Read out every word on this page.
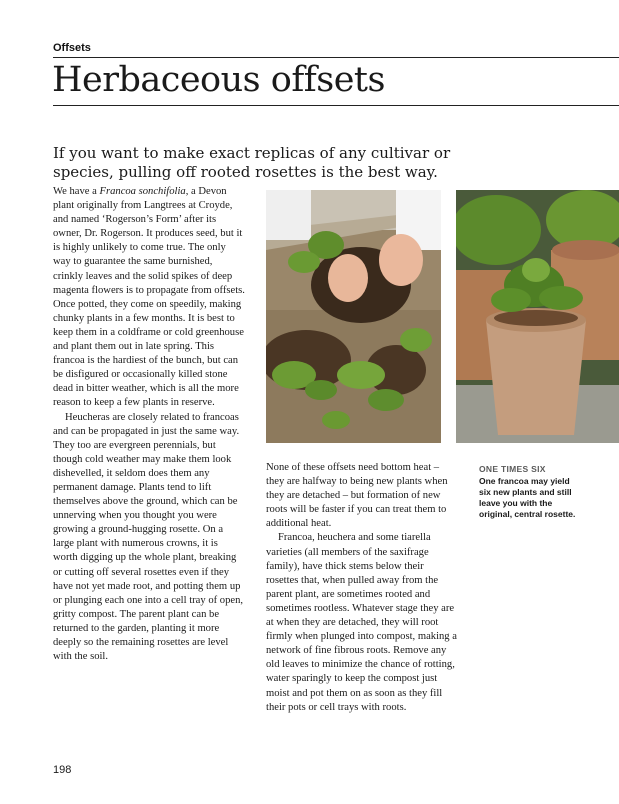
Offsets
Herbaceous offsets

If you want to make exact replicas of any cultivar or species, pulling off rooted rosettes is the best way.

We have a Francoa sonchifolia, a Devon plant originally from Langtrees at Croyde, and named ‘Rogerson’s Form’ after its owner, Dr. Rogerson. It produces seed, but it is highly unlikely to come true. The only way to guarantee the same burnished, crinkly leaves and the solid spikes of deep magenta flowers is to propagate from offsets. Once potted, they come on speedily, making chunky plants in a few months. It is best to keep them in a coldframe or cold greenhouse and plant them out in late spring. This francoa is the hardiest of the bunch, but can be disfigured or occasionally killed stone dead in bitter weather, which is all the more reason to keep a few plants in reserve.

Heucheras are closely related to francoas and can be propagated in just the same way. They too are evergreen perennials, but though cold weather may make them look dishevelled, it seldom does them any permanent damage. Plants tend to lift themselves above the ground, which can be unnerving when you thought you were growing a ground-hugging rosette. On a large plant with numerous crowns, it is worth digging up the whole plant, breaking or cutting off several rosettes even if they have not yet made root, and potting them up or plunging each one into a cell tray of open, gritty compost. The parent plant can be returned to the garden, planting it more deeply so the remaining rosettes are level with the soil.

None of these offsets need bottom heat – they are halfway to being new plants when they are detached – but formation of new roots will be faster if you can treat them to additional heat.

Francoa, heuchera and some tiarella varieties (all members of the saxifrage family), have thick stems below their rosettes that, when pulled away from the parent plant, are sometimes rooted and sometimes rootless. Whatever stage they are at when they are detached, they will root firmly when plunged into compost, making a network of fine fibrous roots. Remove any old leaves to minimize the chance of rotting, water sparingly to keep the compost just moist and pot them on as soon as they fill their pots or cell trays with roots.

ONE TIMES SIX
One francoa may yield six new plants and still leave you with the original, central rosette.
198
